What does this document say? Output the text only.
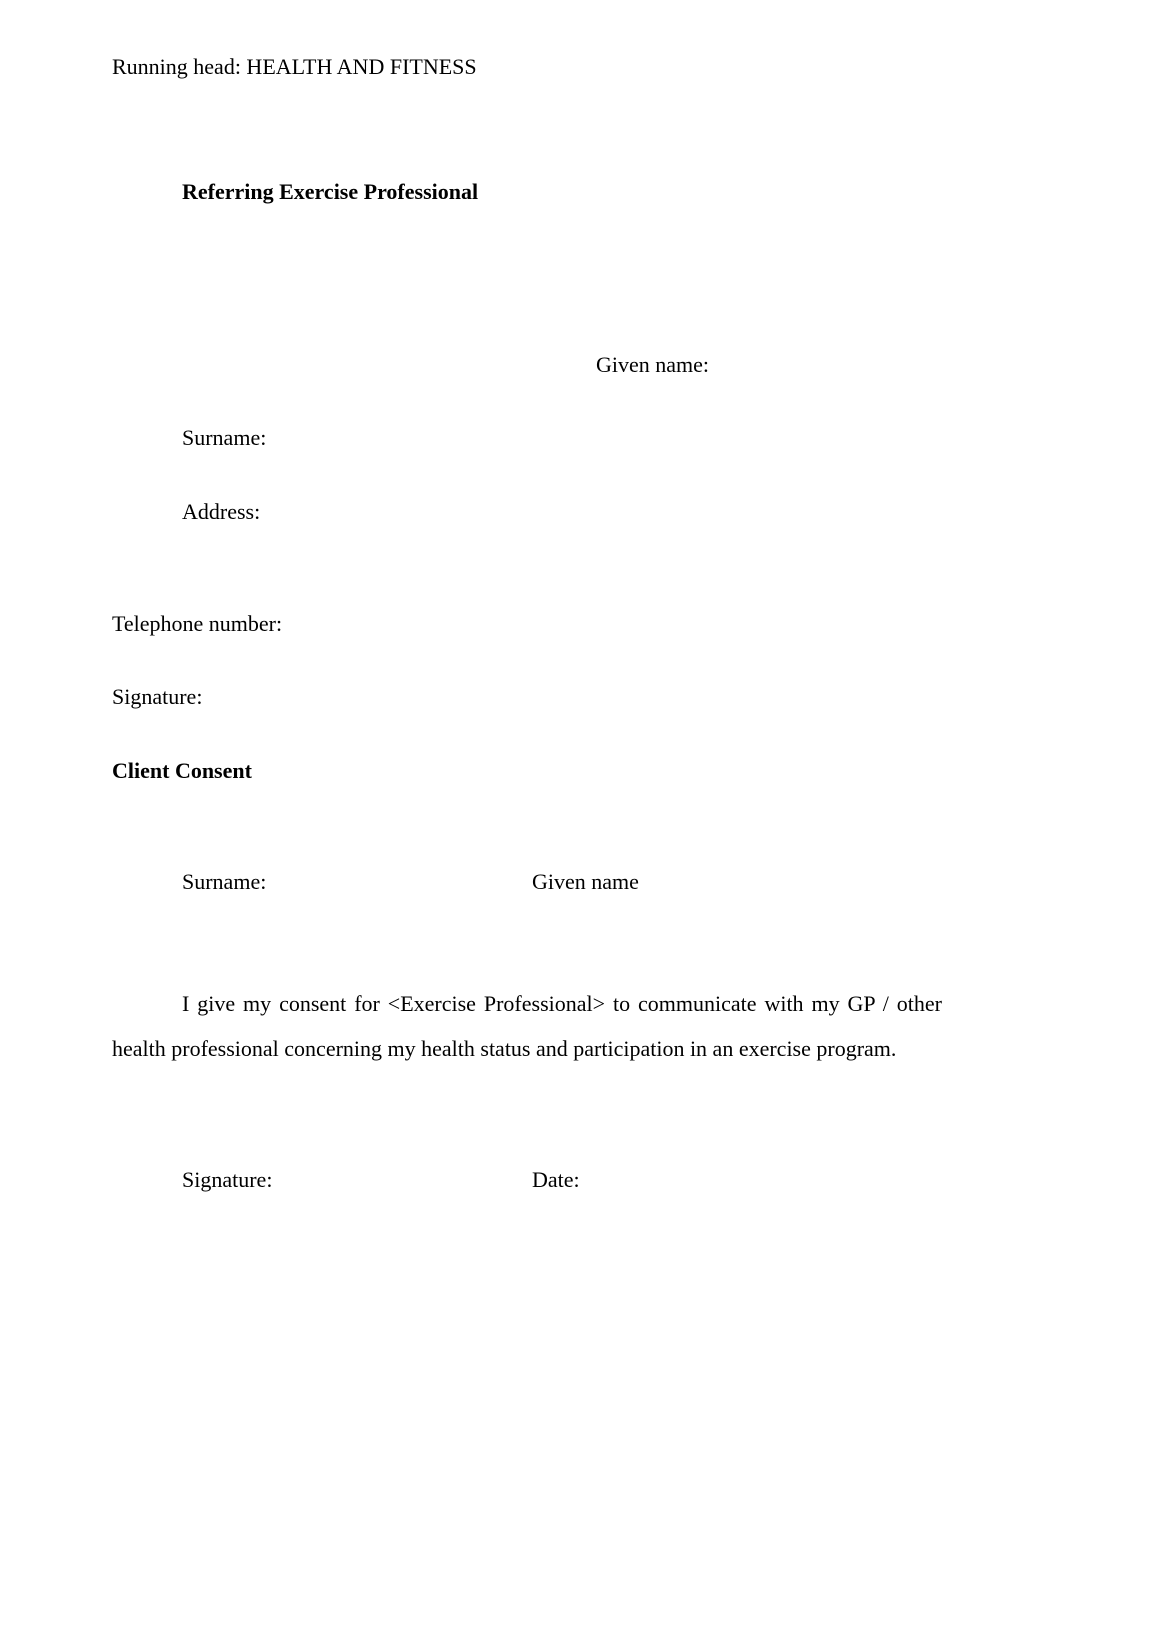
Running head: HEALTH AND FITNESS
Referring Exercise Professional
Given name:
Surname:
Address:
Telephone number:
Signature:
Client Consent
Surname:	Given name
I give my consent for <Exercise Professional> to communicate with my GP / other health professional concerning my health status and participation in an exercise program.
Signature:	Date:
